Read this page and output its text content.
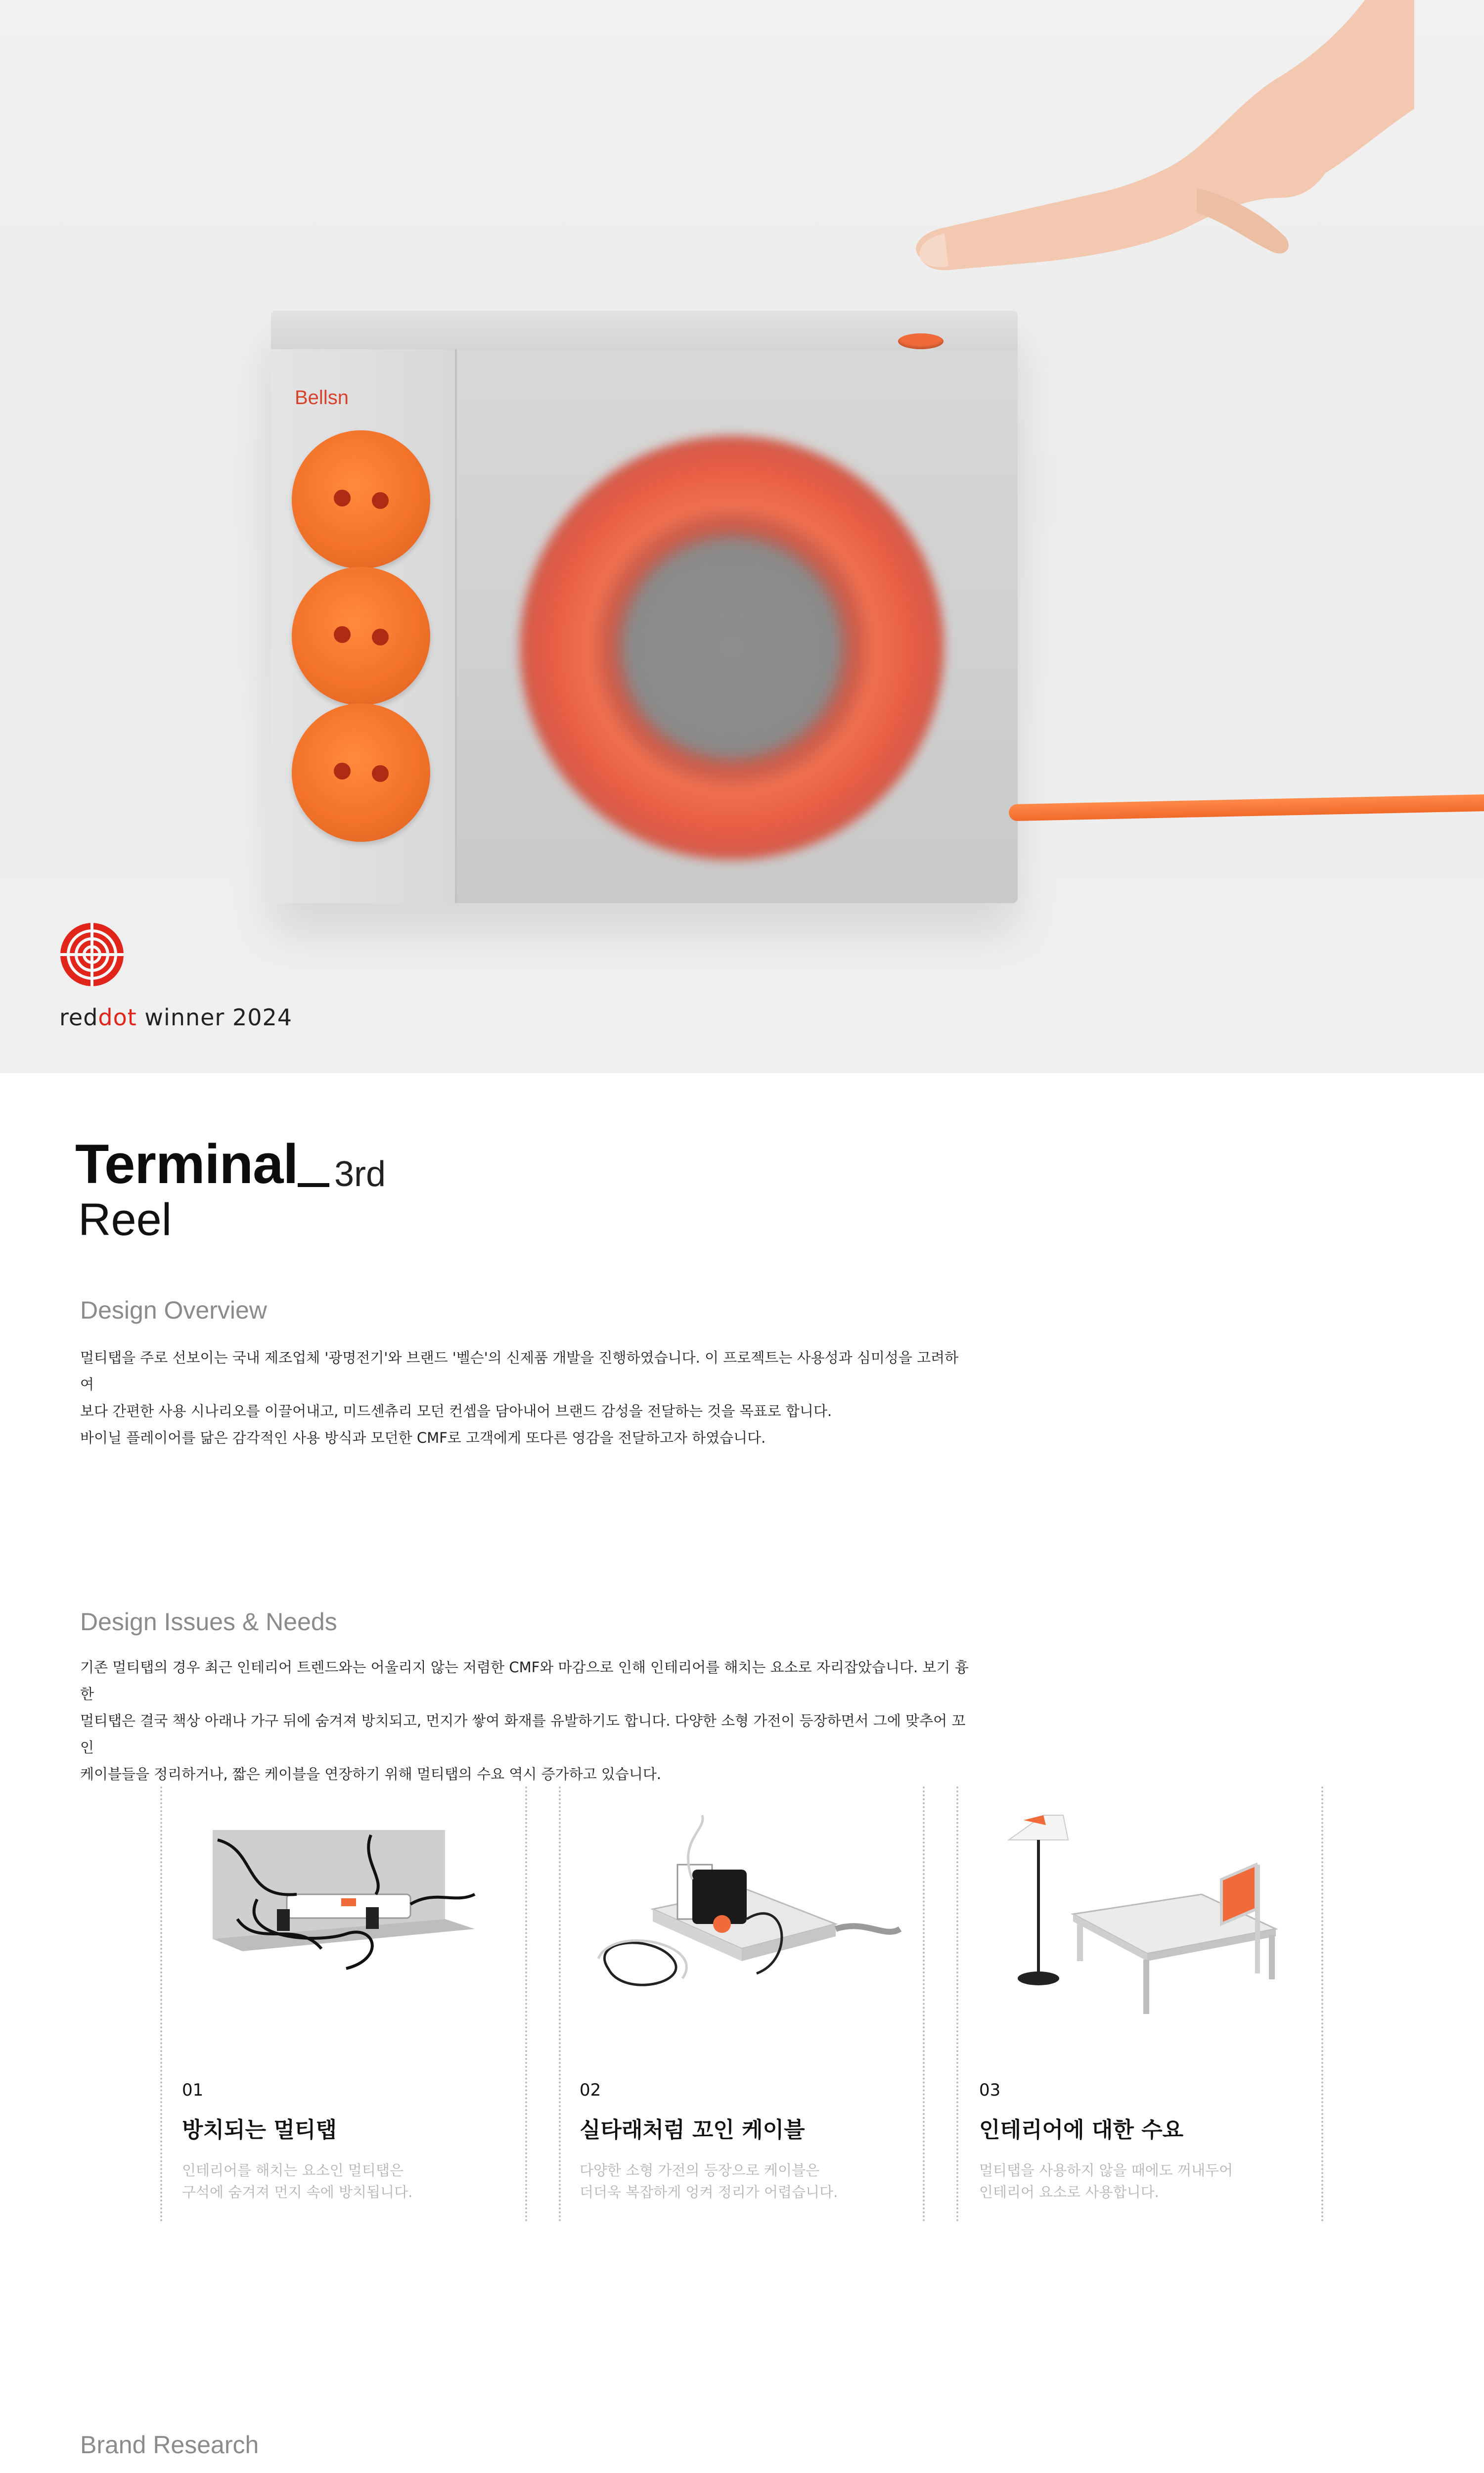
Bellsn
reddot winner 2024
Terminal 3rd
Reel
Design Overview
멀티탭을 주로 선보이는 국내 제조업체 '광명전기'와 브랜드 '벨슨'의 신제품 개발을 진행하였습니다. 이 프로젝트는 사용성과 심미성을 고려하여
보다 간편한 사용 시나리오를 이끌어내고, 미드센츄리 모던 컨셉을 담아내어 브랜드 감성을 전달하는 것을 목표로 합니다.
바이닐 플레이어를 닮은 감각적인 사용 방식과 모던한 CMF로 고객에게 또다른 영감을 전달하고자 하였습니다.
Design Issues & Needs
기존 멀티탭의 경우 최근 인테리어 트렌드와는 어울리지 않는 저렴한 CMF와 마감으로 인해 인테리어를 해치는 요소로 자리잡았습니다. 보기 흉한
멀티탭은 결국 책상 아래나 가구 뒤에 숨겨져 방치되고, 먼지가 쌓여 화재를 유발하기도 합니다. 다양한 소형 가전이 등장하면서 그에 맞추어 꼬인
케이블들을 정리하거나, 짧은 케이블을 연장하기 위해 멀티탭의 수요 역시 증가하고 있습니다.
01
방치되는 멀티탭
인테리어를 해치는 요소인 멀티탭은
구석에 숨겨져 먼지 속에 방치됩니다.
02
실타래처럼 꼬인 케이블
다양한 소형 가전의 등장으로 케이블은
더더욱 복잡하게 엉켜 정리가 어렵습니다.
03
인테리어에 대한 수요
멀티탭을 사용하지 않을 때에도 꺼내두어
인테리어 요소로 사용합니다.
Brand Research
